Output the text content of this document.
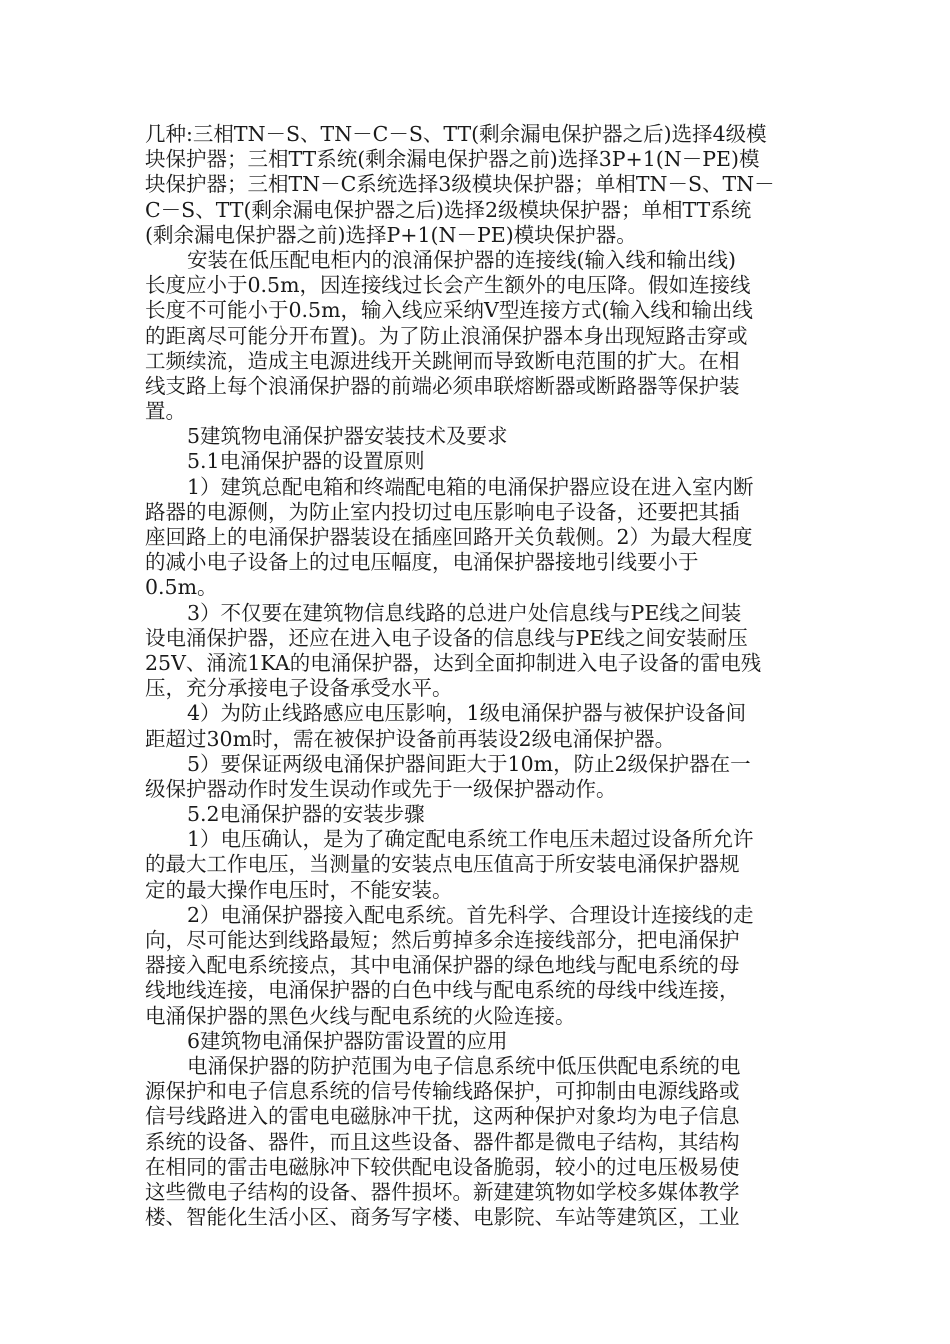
几种:三相TN－S、TN－C－S、TT(剩余漏电保护器之后)选择4级模
块保护器；三相TT系统(剩余漏电保护器之前)选择3P+1(N－PE)模
块保护器；三相TN－C系统选择3级模块保护器；单相TN－S、TN－
C－S、TT(剩余漏电保护器之后)选择2级模块保护器；单相TT系统
(剩余漏电保护器之前)选择P+1(N－PE)模块保护器。
安装在低压配电柜内的浪涌保护器的连接线(输入线和输出线)
长度应小于0.5m，因连接线过长会产生额外的电压降。假如连接线
长度不可能小于0.5m，输入线应采纳V型连接方式(输入线和输出线
的距离尽可能分开布置)。为了防止浪涌保护器本身出现短路击穿或
工频续流，造成主电源进线开关跳闸而导致断电范围的扩大。在相
线支路上每个浪涌保护器的前端必须串联熔断器或断路器等保护装
置。
5建筑物电涌保护器安装技术及要求
5.1电涌保护器的设置原则
1）建筑总配电箱和终端配电箱的电涌保护器应设在进入室内断
路器的电源侧，为防止室内投切过电压影响电子设备，还要把其插
座回路上的电涌保护器装设在插座回路开关负载侧。2）为最大程度
的减小电子设备上的过电压幅度，电涌保护器接地引线要小于
0.5m。
3）不仅要在建筑物信息线路的总进户处信息线与PE线之间装
设电涌保护器，还应在进入电子设备的信息线与PE线之间安装耐压
25V、涌流1KA的电涌保护器，达到全面抑制进入电子设备的雷电残
压，充分承接电子设备承受水平。
4）为防止线路感应电压影响，1级电涌保护器与被保护设备间
距超过30m时，需在被保护设备前再装设2级电涌保护器。
5）要保证两级电涌保护器间距大于10m，防止2级保护器在一
级保护器动作时发生误动作或先于一级保护器动作。
5.2电涌保护器的安装步骤
1）电压确认，是为了确定配电系统工作电压未超过设备所允许
的最大工作电压，当测量的安装点电压值高于所安装电涌保护器规
定的最大操作电压时，不能安装。
2）电涌保护器接入配电系统。首先科学、合理设计连接线的走
向，尽可能达到线路最短；然后剪掉多余连接线部分，把电涌保护
器接入配电系统接点，其中电涌保护器的绿色地线与配电系统的母
线地线连接，电涌保护器的白色中线与配电系统的母线中线连接，
电涌保护器的黑色火线与配电系统的火险连接。
6建筑物电涌保护器防雷设置的应用
电涌保护器的防护范围为电子信息系统中低压供配电系统的电
源保护和电子信息系统的信号传输线路保护，可抑制由电源线路或
信号线路进入的雷电电磁脉冲干扰，这两种保护对象均为电子信息
系统的设备、器件，而且这些设备、器件都是微电子结构，其结构
在相同的雷击电磁脉冲下较供配电设备脆弱，较小的过电压极易使
这些微电子结构的设备、器件损坏。新建建筑物如学校多媒体教学
楼、智能化生活小区、商务写字楼、电影院、车站等建筑区，工业
